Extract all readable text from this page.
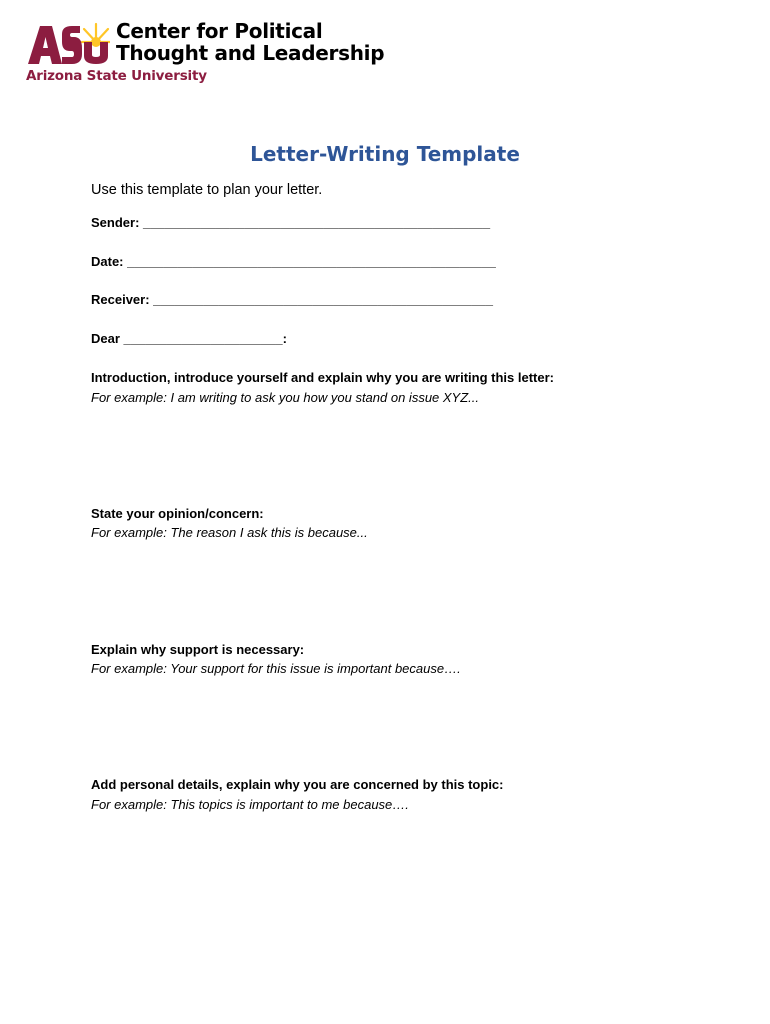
Center for Political
Thought and Leadership
Arizona State University
Letter-Writing Template
Use this template to plan your letter.
Sender: ________________________________________________
Date: ___________________________________________________
Receiver: _______________________________________________
Dear ______________________:
Introduction, introduce yourself and explain why you are writing this letter:
For example: I am writing to ask you how you stand on issue XYZ...
State your opinion/concern:
For example: The reason I ask this is because...
Explain why support is necessary:
For example: Your support for this issue is important because….
Add personal details, explain why you are concerned by this topic:
For example: This topics is important to me because….
